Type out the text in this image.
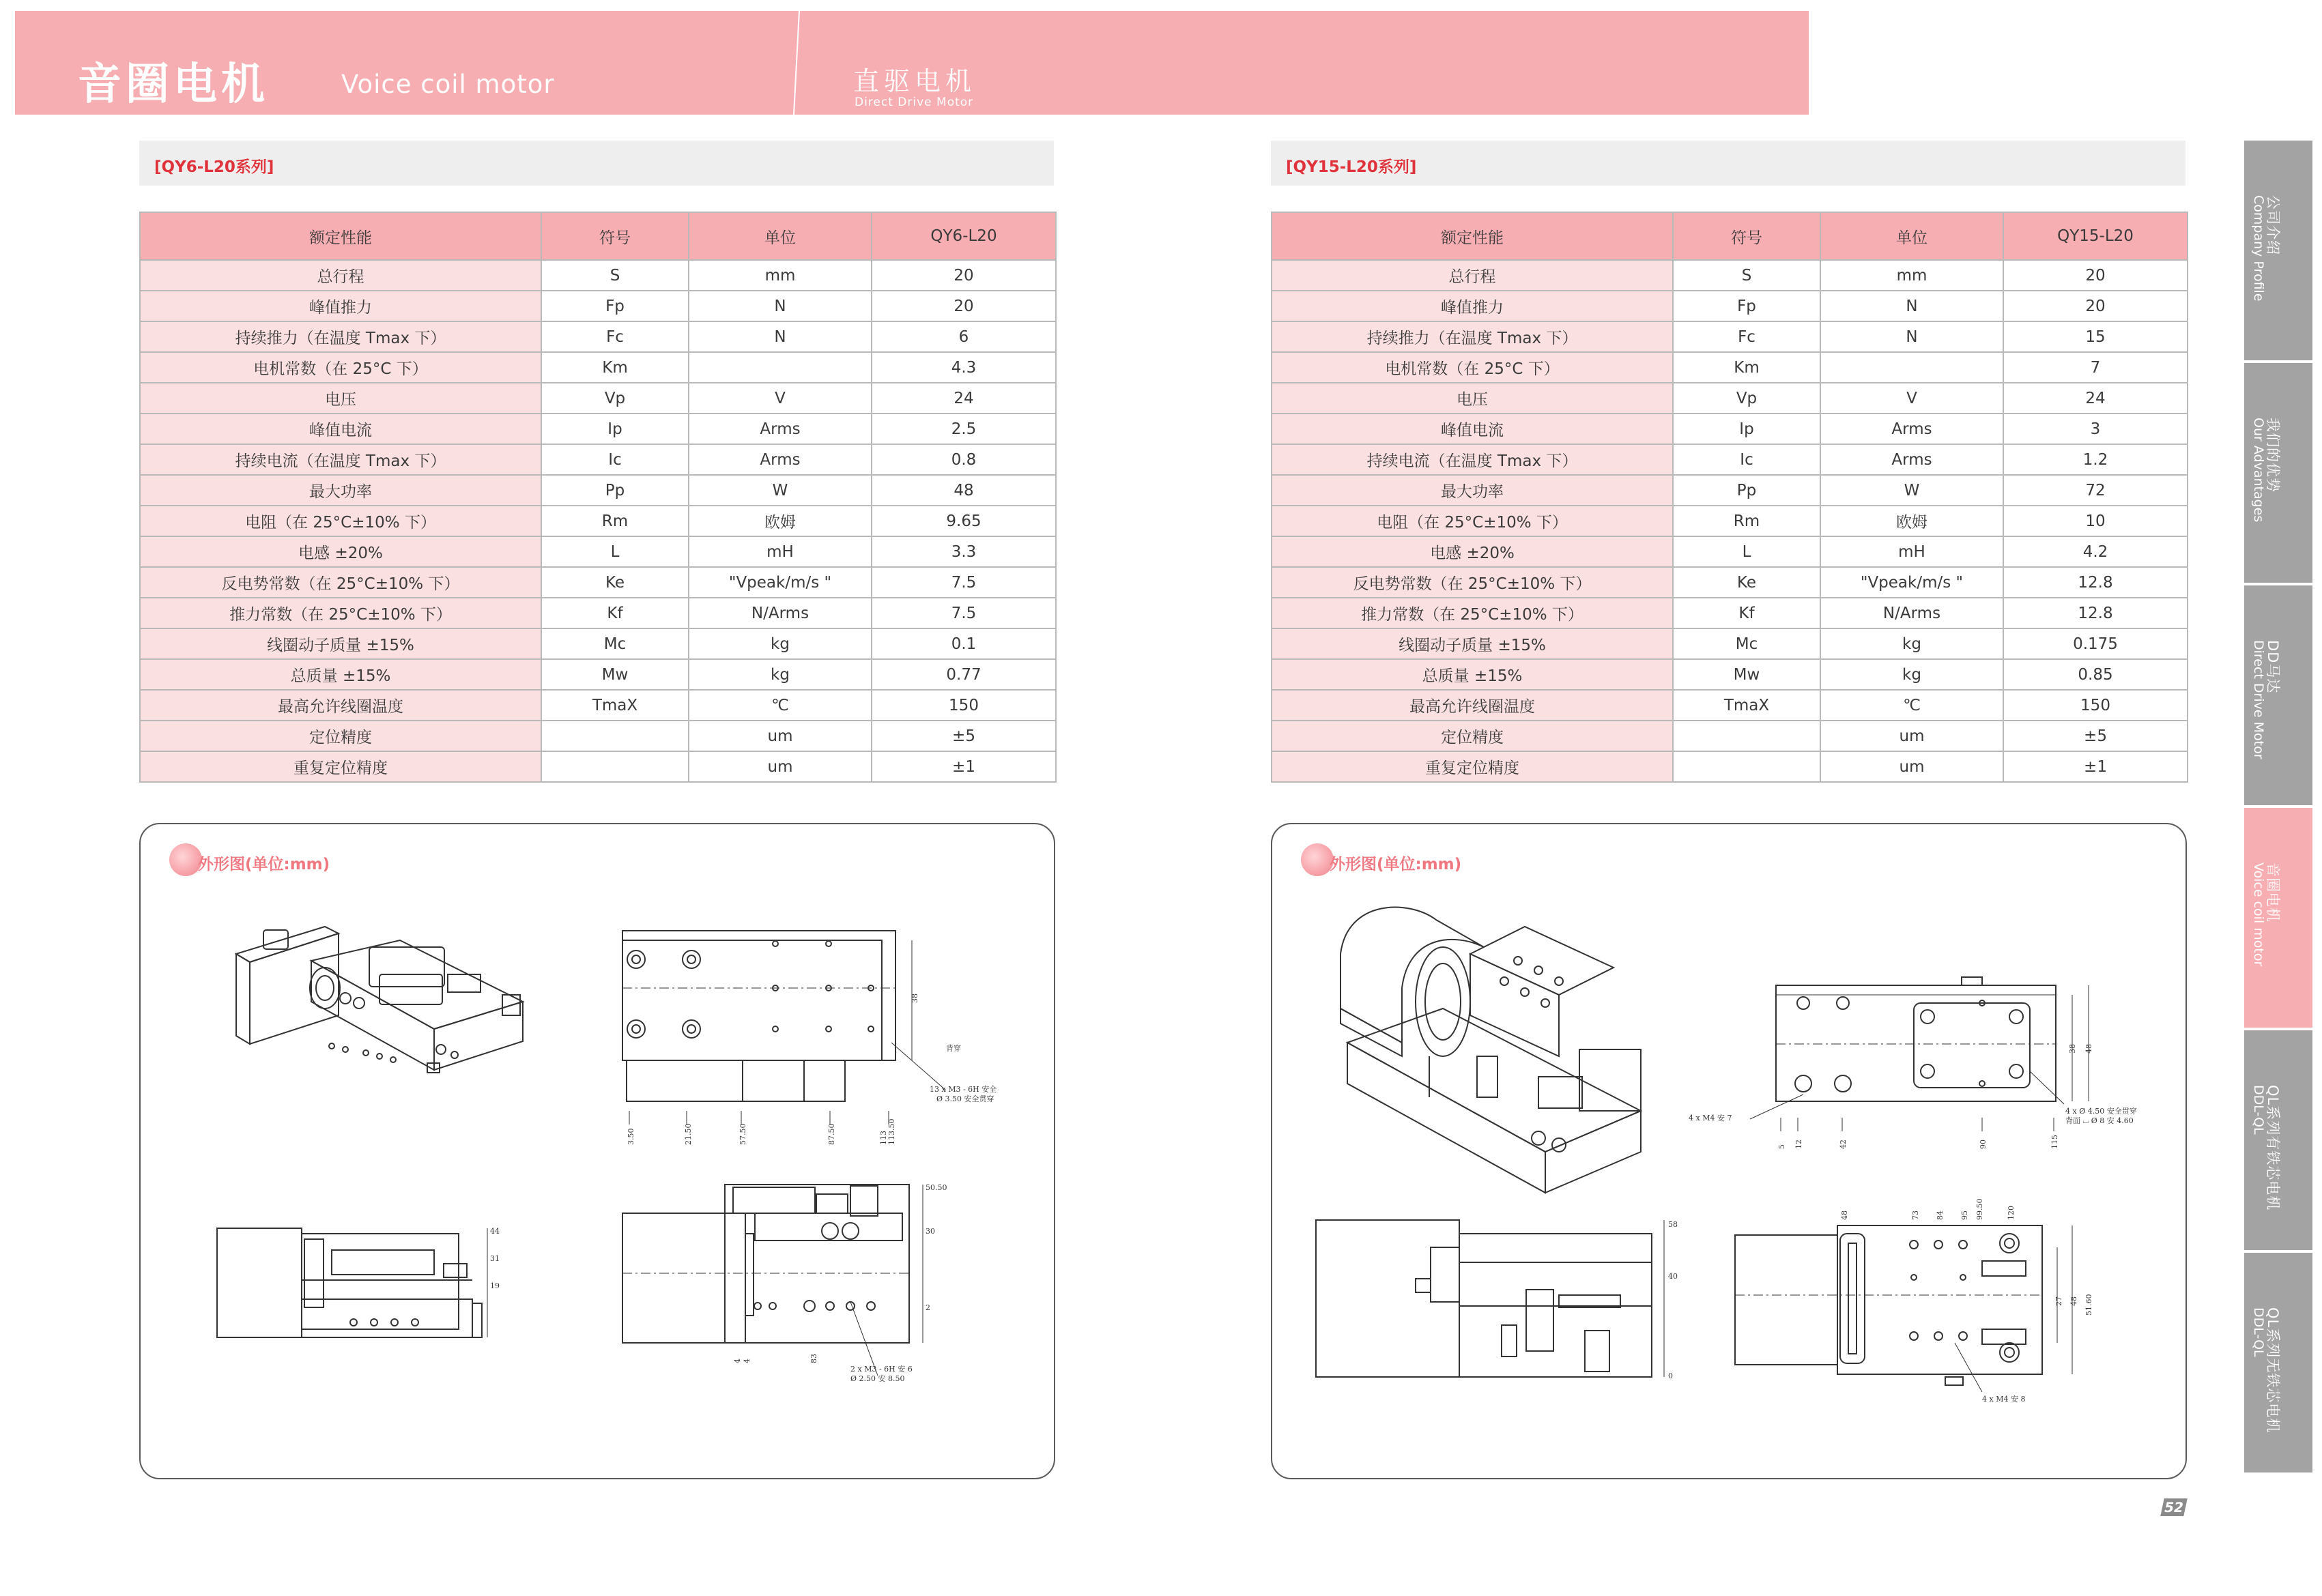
音圈电机	Voice coil motor	直驱电机
Direct Drive Motor
[QY6-L20系列]	[QY15-L20系列]
额定性能	符号	单位	QY6-L20
总行程	S	mm	20
峰值推力	Fp	N	20
持续推力（在温度 Tmax 下）	Fc	N	6
电机常数（在 25°C 下）	Km		4.3
电压	Vp	V	24
峰值电流	Ip	Arms	2.5
持续电流（在温度 Tmax 下）	Ic	Arms	0.8
最大功率	Pp	W	48
电阻（在 25°C±10% 下）	Rm	欧姆	9.65
电感 ±20%	L	mH	3.3
反电势常数（在 25°C±10% 下）	Ke	"Vpeak/m/s "	7.5
推力常数（在 25°C±10% 下）	Kf	N/Arms	7.5
线圈动子质量 ±15%	Mc	kg	0.1
总质量 ±15%	Mw	kg	0.77
最高允许线圈温度	TmaX	℃	150
定位精度		um	±5
重复定位精度		um	±1
额定性能	符号	单位	QY15-L20
总行程	S	mm	20
峰值推力	Fp	N	20
持续推力（在温度 Tmax 下）	Fc	N	15
电机常数（在 25°C 下）	Km		7
电压	Vp	V	24
峰值电流	Ip	Arms	3
持续电流（在温度 Tmax 下）	Ic	Arms	1.2
最大功率	Pp	W	72
电阻（在 25°C±10% 下）	Rm	欧姆	10
电感 ±20%	L	mH	4.2
反电势常数（在 25°C±10% 下）	Ke	"Vpeak/m/s "	12.8
推力常数（在 25°C±10% 下）	Kf	N/Arms	12.8
线圈动子质量 ±15%	Mc	kg	0.175
总质量 ±15%	Mw	kg	0.85
最高允许线圈温度	TmaX	℃	150
定位精度		um	±5
重复定位精度		um	±1
外形图(单位:mm)
38
背穿
13 x M3 - 6H 安全
Ø 3.50 安全贯穿
3.50	21.50	57.50	87.50	113 113.50
44
31
19
50.50
30
2
4 4	83
2 x M3 - 6H 安 6
Ø 2.50 安 8.50
外形图(单位:mm)
38 48
4 x M4 安 7
4 x Ø 4.50 安全贯穿
背面 ⌴ Ø 8 安 4.60
5 12	42	90	115
58
40
0
48	73 84 95 99.50	120
27 48 51.60
4 x M4 安 8
公司介绍
Company Profile
我们的优势
Our Advantages
DD马达
Direct Drive Motor
音圈电机
Voice coil motor
QL系列有铁芯电机
DDL-QL
QL系列无铁芯电机
DDL-QL
52
